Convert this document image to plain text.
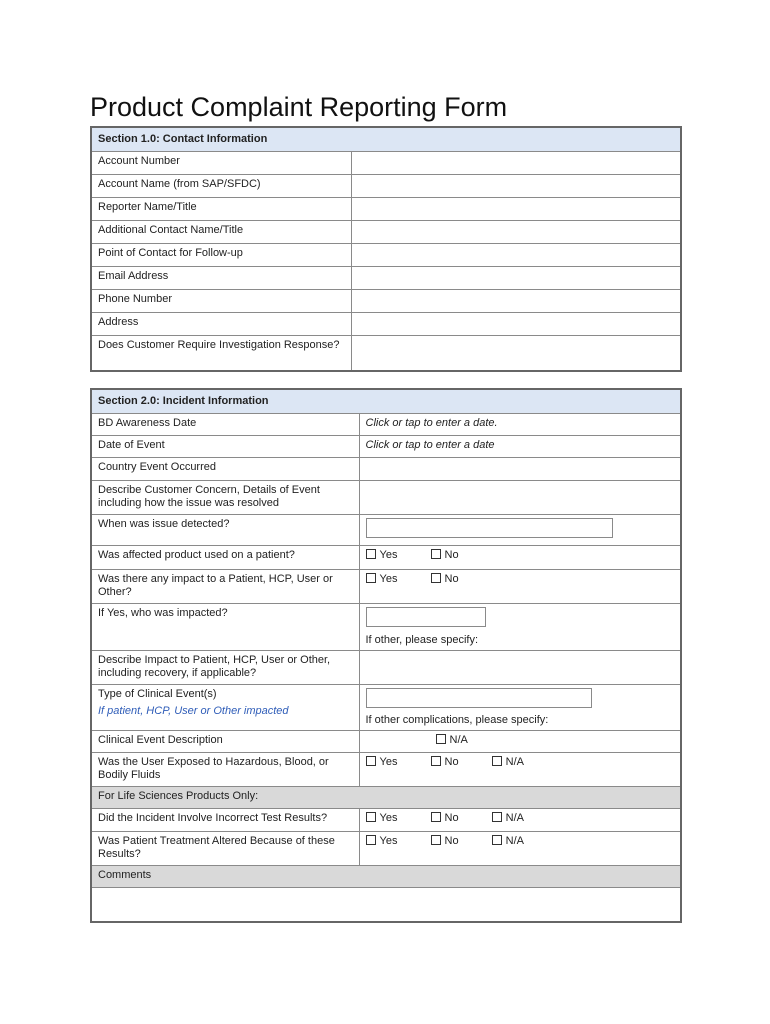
Product Complaint Reporting Form
Section 1.0: Contact Information	
Account Number	
Account Name (from SAP/SFDC)	
Reporter Name/Title	
Additional Contact Name/Title	
Point of Contact for Follow-up	
Email Address	
Phone Number	
Address	
Does Customer Require Investigation Response?	
Section 2.0: Incident Information	
BD Awareness Date	Click or tap to enter a date.
Date of Event	Click or tap to enter a date
Country Event Occurred	
Describe Customer Concern, Details of Event including how the issue was resolved	
When was issue detected?	
Was affected product used on a patient?	Yes No
Was there any impact to a Patient, HCP, User or Other?	Yes No
If Yes, who was impacted?	If other, please specify:

Describe Impact to Patient, HCP, User or Other, including recovery, if applicable?	

Type of Clinical Event(s)
If patient, HCP, User or Other impacted	If other complications, please specify:

Clinical Event Description	N/A
Was the User Exposed to Hazardous, Blood, or Bodily Fluids	Yes No N/A
For Life Sciences Products Only:	
Did the Incident Involve Incorrect Test Results?	Yes No N/A
Was Patient Treatment Altered Because of these Results?	Yes No N/A
Comments	
